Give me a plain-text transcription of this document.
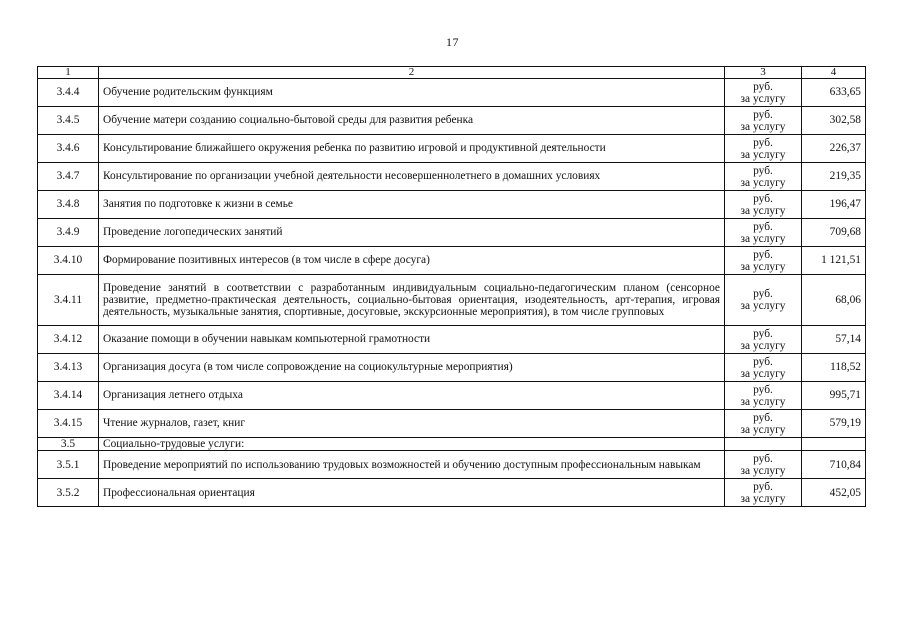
17
1	2	3	4
3.4.4	Обучение родительским функциям	руб.
за услугу	633,65
3.4.5	Обучение матери созданию социально-бытовой среды для развития ребенка	руб.
за услугу	302,58
3.4.6	Консультирование ближайшего окружения ребенка по развитию игровой и продуктивной деятельности	руб.
за услугу	226,37
3.4.7	Консультирование по организации учебной деятельности несовершеннолетнего в домашних условиях	руб.
за услугу	219,35
3.4.8	Занятия по подготовке к жизни в семье	руб.
за услугу	196,47
3.4.9	Проведение логопедических занятий	руб.
за услугу	709,68
3.4.10	Формирование позитивных интересов (в том числе в сфере досуга)	руб.
за услугу	1 121,51
3.4.11	Проведение занятий в соответствии с разработанным индивидуальным социально-педагогическим планом (сенсорное развитие, предметно-практическая деятельность, социально-бытовая ориентация, изодеятельность, арт-терапия, игровая деятельность, музыкальные занятия, спортивные, досуговые, экскурсионные мероприятия), в том числе групповых	руб.
за услугу	68,06
3.4.12	Оказание помощи в обучении навыкам компьютерной грамотности	руб.
за услугу	57,14
3.4.13	Организация досуга (в том числе сопровождение на социокультурные мероприятия)	руб.
за услугу	118,52
3.4.14	Организация летнего отдыха	руб.
за услугу	995,71
3.4.15	Чтение журналов, газет, книг	руб.
за услугу	579,19
3.5	Социально-трудовые услуги:		
3.5.1	Проведение мероприятий по использованию трудовых возможностей и обучению доступным профессиональным навыкам	руб.
за услугу	710,84
3.5.2	Профессиональная ориентация	руб.
за услугу	452,05
